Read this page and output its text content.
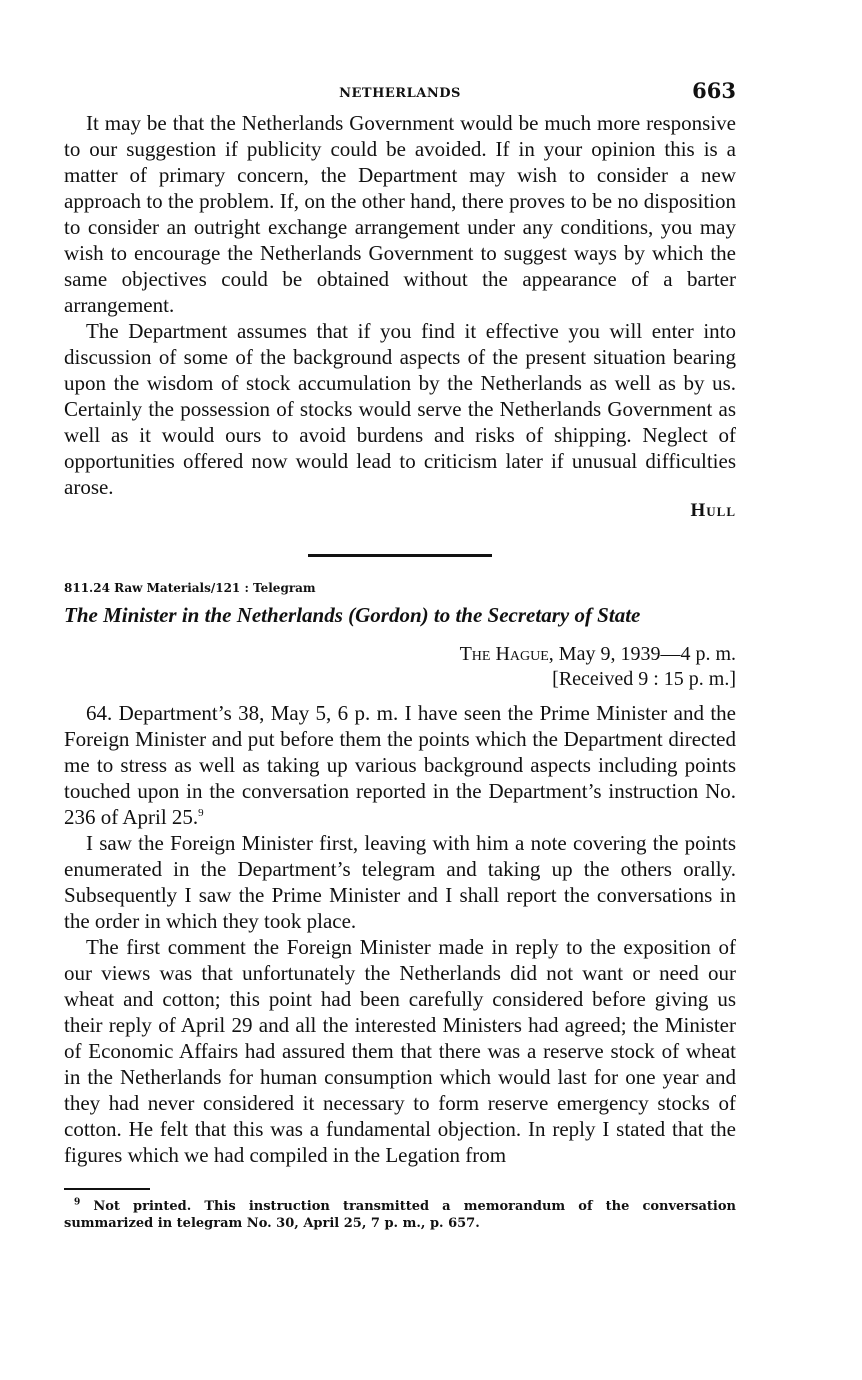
NETHERLANDS	663

It may be that the Netherlands Government would be much more responsive to our suggestion if publicity could be avoided. If in your opinion this is a matter of primary concern, the Department may wish to consider a new approach to the problem. If, on the other hand, there proves to be no disposition to consider an outright exchange arrangement under any conditions, you may wish to encourage the Netherlands Government to suggest ways by which the same objectives could be obtained without the appearance of a barter arrangement.

The Department assumes that if you find it effective you will enter into discussion of some of the background aspects of the present situation bearing upon the wisdom of stock accumulation by the Netherlands as well as by us. Certainly the possession of stocks would serve the Netherlands Government as well as it would ours to avoid burdens and risks of shipping. Neglect of opportunities offered now would lead to criticism later if unusual difficulties arose.

Hull
811.24 Raw Materials/121 : Telegram
The Minister in the Netherlands (Gordon) to the Secretary of State
The Hague, May 9, 1939—4 p. m.
[Received 9 : 15 p. m.]

64. Department’s 38, May 5, 6 p. m. I have seen the Prime Minister and the Foreign Minister and put before them the points which the Department directed me to stress as well as taking up various background aspects including points touched upon in the conversation reported in the Department’s instruction No. 236 of April 25.$^9$

I saw the Foreign Minister first, leaving with him a note covering the points enumerated in the Department’s telegram and taking up the others orally. Subsequently I saw the Prime Minister and I shall report the conversations in the order in which they took place.

The first comment the Foreign Minister made in reply to the exposition of our views was that unfortunately the Netherlands did not want or need our wheat and cotton; this point had been carefully considered before giving us their reply of April 29 and all the interested Ministers had agreed; the Minister of Economic Affairs had assured them that there was a reserve stock of wheat in the Netherlands for human consumption which would last for one year and they had never considered it necessary to form reserve emergency stocks of cotton. He felt that this was a fundamental objection. In reply I stated that the figures which we had compiled in the Legation from

$^9$ Not printed. This instruction transmitted a memorandum of the conversation summarized in telegram No. 30, April 25, 7 p. m., p. 657.
